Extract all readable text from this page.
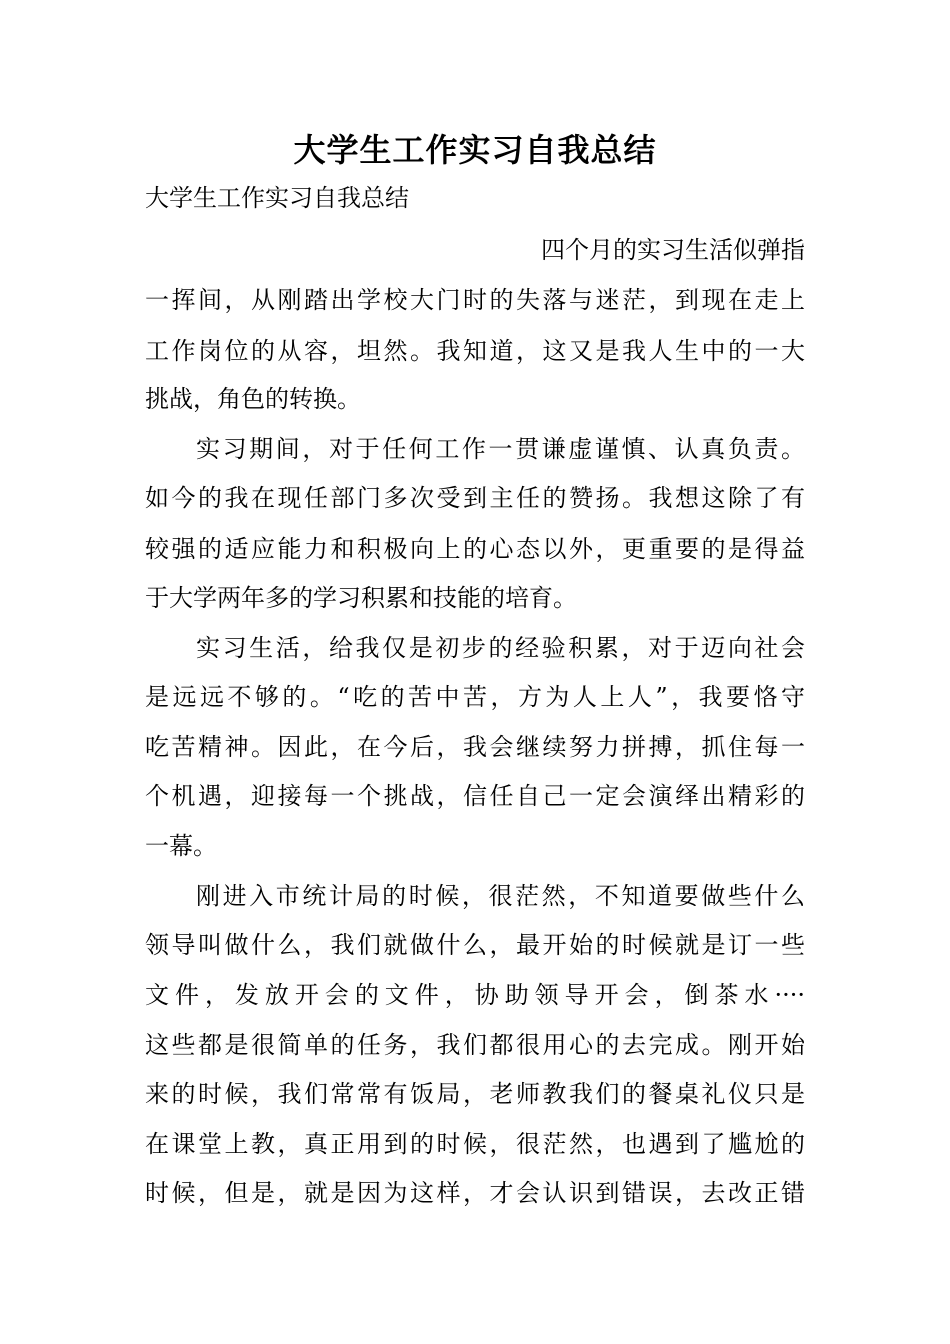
大学生工作实习自我总结
大学生工作实习自我总结
四个月的实习生活似弹指
一挥间，从刚踏出学校大门时的失落与迷茫，到现在走上
工作岗位的从容，坦然。我知道，这又是我人生中的一大
挑战，角色的转换。
实习期间，对于任何工作一贯谦虚谨慎、认真负责。
如今的我在现任部门多次受到主任的赞扬。我想这除了有
较强的适应能力和积极向上的心态以外，更重要的是得益
于大学两年多的学习积累和技能的培育。
实习生活，给我仅是初步的经验积累，对于迈向社会
是远远不够的。“吃的苦中苦，方为人上人”，我要恪守
吃苦精神。因此，在今后，我会继续努力拼搏，抓住每一
个机遇，迎接每一个挑战，信任自己一定会演绎出精彩的
一幕。
刚进入市统计局的时候，很茫然，不知道要做些什么
领导叫做什么，我们就做什么，最开始的时候就是订一些
文件，发放开会的文件，协助领导开会，倒茶水····
这些都是很简单的任务，我们都很用心的去完成。刚开始
来的时候，我们常常有饭局，老师教我们的餐桌礼仪只是
在课堂上教，真正用到的时候，很茫然，也遇到了尴尬的
时候，但是，就是因为这样，才会认识到错误，去改正错
